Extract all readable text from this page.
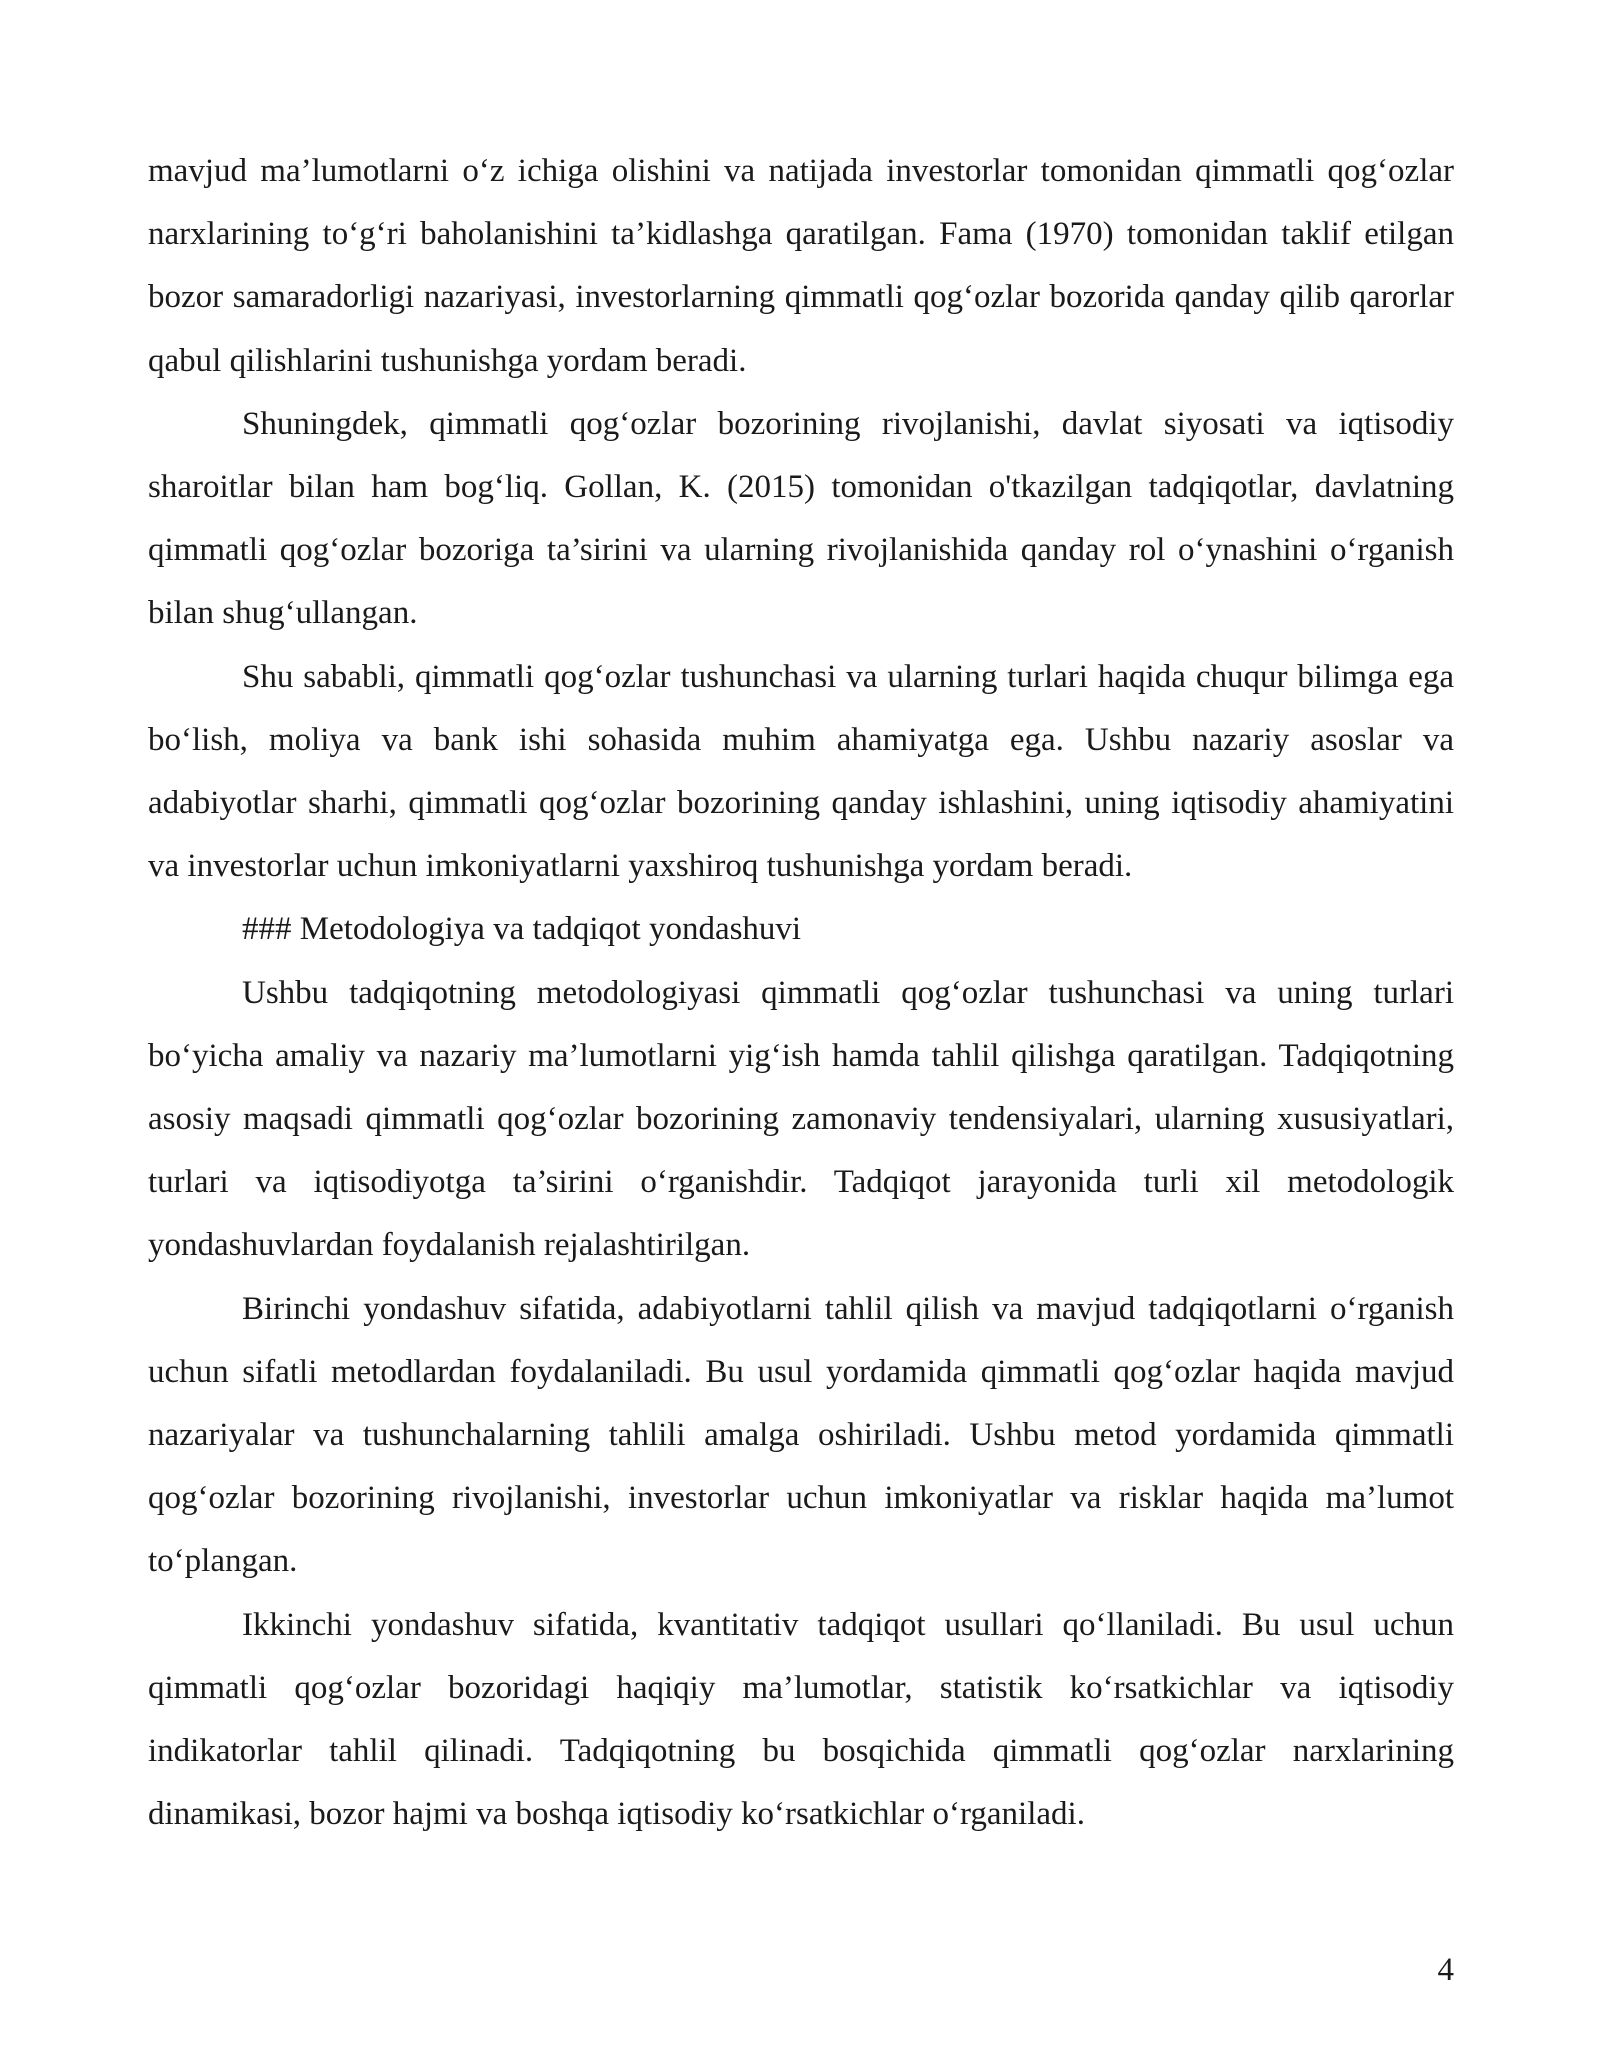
mavjud ma’lumotlarni o‘z ichiga olishini va natijada investorlar tomonidan qimmatli qog‘ozlar narxlarining to‘g‘ri baholanishini ta’kidlashga qaratilgan. Fama (1970) tomonidan taklif etilgan bozor samaradorligi nazariyasi, investorlarning qimmatli qog‘ozlar bozorida qanday qilib qarorlar qabul qilishlarini tushunishga yordam beradi.

Shuningdek, qimmatli qog‘ozlar bozorining rivojlanishi, davlat siyosati va iqtisodiy sharoitlar bilan ham bog‘liq. Gollan, K. (2015) tomonidan o'tkazilgan tadqiqotlar, davlatning qimmatli qog‘ozlar bozoriga ta’sirini va ularning rivojlanishida qanday rol o‘ynashini o‘rganish bilan shug‘ullangan.

Shu sababli, qimmatli qog‘ozlar tushunchasi va ularning turlari haqida chuqur bilimga ega bo‘lish, moliya va bank ishi sohasida muhim ahamiyatga ega. Ushbu nazariy asoslar va adabiyotlar sharhi, qimmatli qog‘ozlar bozorining qanday ishlashini, uning iqtisodiy ahamiyatini va investorlar uchun imkoniyatlarni yaxshiroq tushunishga yordam beradi.

### Metodologiya va tadqiqot yondashuvi

Ushbu tadqiqotning metodologiyasi qimmatli qog‘ozlar tushunchasi va uning turlari bo‘yicha amaliy va nazariy ma’lumotlarni yig‘ish hamda tahlil qilishga qaratilgan. Tadqiqotning asosiy maqsadi qimmatli qog‘ozlar bozorining zamonaviy tendensiyalari, ularning xususiyatlari, turlari va iqtisodiyotga ta’sirini o‘rganishdir. Tadqiqot jarayonida turli xil metodologik yondashuvlardan foydalanish rejalashtirilgan.

Birinchi yondashuv sifatida, adabiyotlarni tahlil qilish va mavjud tadqiqotlarni o‘rganish uchun sifatli metodlardan foydalaniladi. Bu usul yordamida qimmatli qog‘ozlar haqida mavjud nazariyalar va tushunchalarning tahlili amalga oshiriladi. Ushbu metod yordamida qimmatli qog‘ozlar bozorining rivojlanishi, investorlar uchun imkoniyatlar va risklar haqida ma’lumot to‘plangan.

Ikkinchi yondashuv sifatida, kvantitativ tadqiqot usullari qo‘llaniladi. Bu usul uchun qimmatli qog‘ozlar bozoridagi haqiqiy ma’lumotlar, statistik ko‘rsatkichlar va iqtisodiy indikatorlar tahlil qilinadi. Tadqiqotning bu bosqichida qimmatli qog‘ozlar narxlarining dinamikasi, bozor hajmi va boshqa iqtisodiy ko‘rsatkichlar o‘rganiladi.

4
